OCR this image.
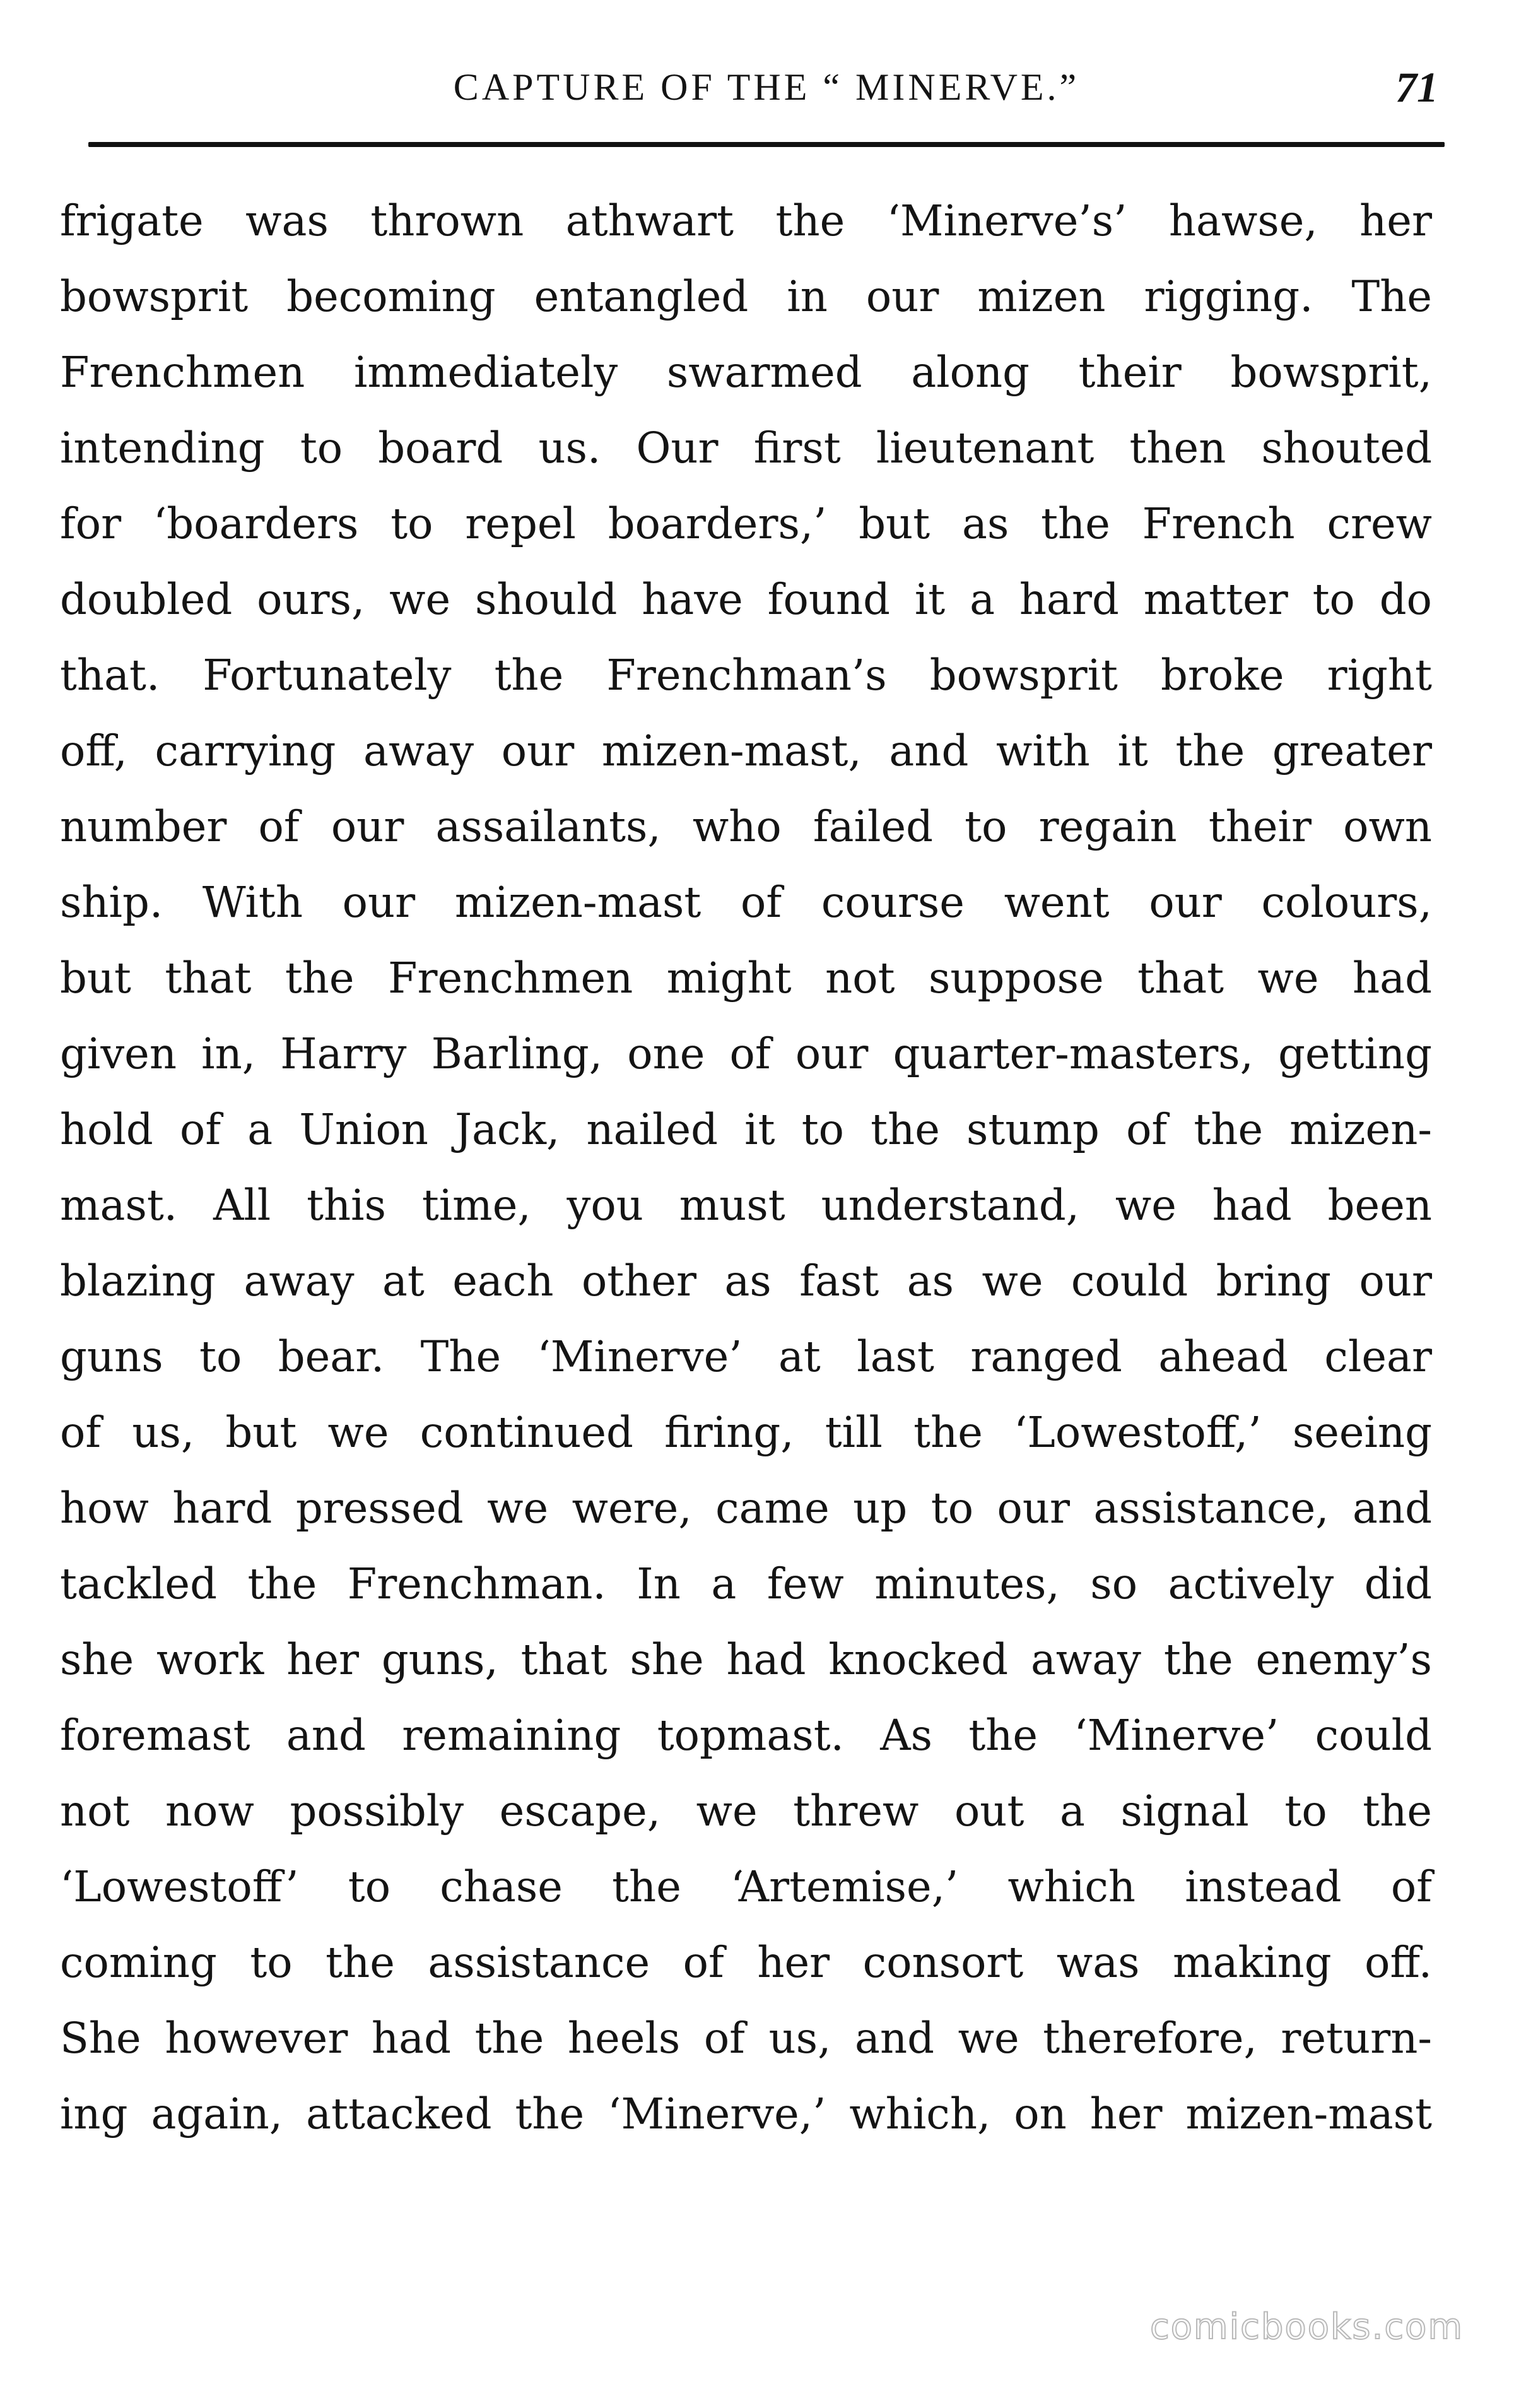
CAPTURE OF THE “ MINERVE.”	71
frigate was thrown athwart the ‘Minerve’s’ hawse, her
bowsprit becoming entangled in our mizen rigging. The
Frenchmen immediately swarmed along their bowsprit,
intending to board us. Our first lieutenant then shouted
for ‘boarders to repel boarders,’ but as the French crew
doubled ours, we should have found it a hard matter to do
that. Fortunately the Frenchman’s bowsprit broke right
off, carrying away our mizen-mast, and with it the greater
number of our assailants, who failed to regain their own
ship. With our mizen-mast of course went our colours,
but that the Frenchmen might not suppose that we had
given in, Harry Barling, one of our quarter-masters, getting
hold of a Union Jack, nailed it to the stump of the mizen-
mast. All this time, you must understand, we had been
blazing away at each other as fast as we could bring our
guns to bear. The ‘Minerve’ at last ranged ahead clear
of us, but we continued firing, till the ‘Lowestoff,’ seeing
how hard pressed we were, came up to our assistance, and
tackled the Frenchman. In a few minutes, so actively did
she work her guns, that she had knocked away the enemy’s
foremast and remaining topmast. As the ‘Minerve’ could
not now possibly escape, we threw out a signal to the
‘Lowestoff’ to chase the ‘Artemise,’ which instead of
coming to the assistance of her consort was making off.
She however had the heels of us, and we therefore, return-
ing again, attacked the ‘Minerve,’ which, on her mizen-mast
comicbooks.com
